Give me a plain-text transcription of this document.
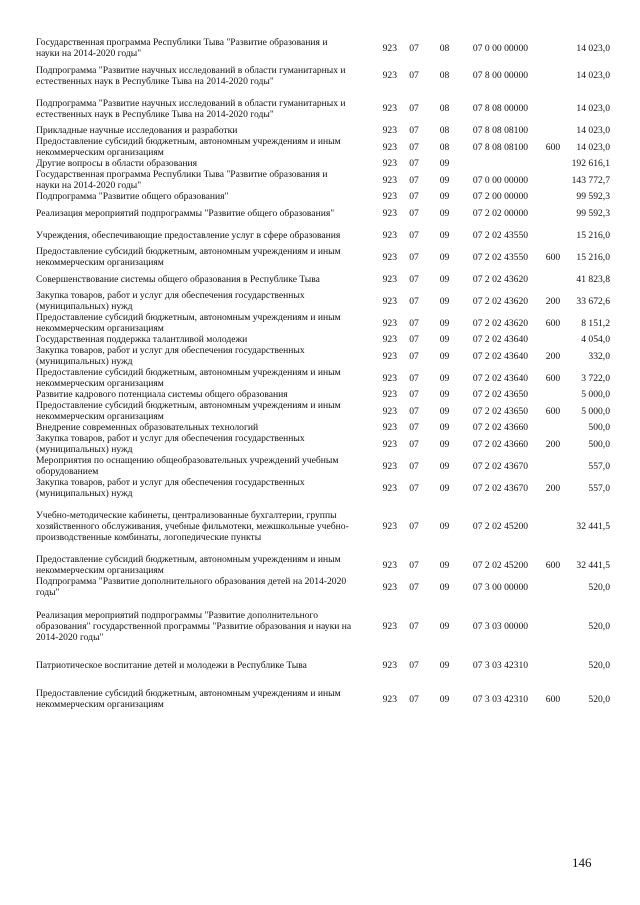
Государственная программа Республики Тыва "Развитие образования и науки на 2014-2020 годы"	923	07	08	07 0 00 00000		14 023,0
Подпрограмма "Развитие научных исследований в области гуманитарных и естественных наук в Республике Тыва на 2014-2020 годы"	923	07	08	07 8 00 00000		14 023,0
Подпрограмма "Развитие научных исследований в области гуманитарных и естественных наук в Республике Тыва на 2014-2020 годы"	923	07	08	07 8 08 00000		14 023,0
Прикладные научные исследования и разработки	923	07	08	07 8 08 08100		14 023,0
Предоставление субсидий бюджетным, автономным учреждениям и иным некоммерческим организациям	923	07	08	07 8 08 08100	600	14 023,0
Другие вопросы в области образования	923	07	09			192 616,1
Государственная программа Республики Тыва "Развитие образования и науки на 2014-2020 годы"	923	07	09	07 0 00 00000		143 772,7
Подпрограмма "Развитие общего образования"	923	07	09	07 2 00 00000		99 592,3
Реализация мероприятий подпрограммы "Развитие общего образования"	923	07	09	07 2 02 00000		99 592,3
Учреждения, обеспечивающие предоставление услуг в сфере образования	923	07	09	07 2 02 43550		15 216,0
Предоставление субсидий бюджетным, автономным учреждениям и иным некоммерческим организациям	923	07	09	07 2 02 43550	600	15 216,0
Совершенствование системы общего образования в Республике Тыва	923	07	09	07 2 02 43620		41 823,8
Закупка товаров, работ и услуг для обеспечения государственных (муниципальных) нужд	923	07	09	07 2 02 43620	200	33 672,6
Предоставление субсидий бюджетным, автономным учреждениям и иным некоммерческим организациям	923	07	09	07 2 02 43620	600	8 151,2
Государственная поддержка талантливой молодежи	923	07	09	07 2 02 43640		4 054,0
Закупка товаров, работ и услуг для обеспечения государственных (муниципальных) нужд	923	07	09	07 2 02 43640	200	332,0
Предоставление субсидий бюджетным, автономным учреждениям и иным некоммерческим организациям	923	07	09	07 2 02 43640	600	3 722,0
Развитие кадрового потенциала системы общего образования	923	07	09	07 2 02 43650		5 000,0
Предоставление субсидий бюджетным, автономным учреждениям и иным некоммерческим организациям	923	07	09	07 2 02 43650	600	5 000,0
Внедрение современных образовательных технологий	923	07	09	07 2 02 43660		500,0
Закупка товаров, работ и услуг для обеспечения государственных (муниципальных) нужд	923	07	09	07 2 02 43660	200	500,0
Мероприятия по оснащению общеобразовательных учреждений учебным оборудованием	923	07	09	07 2 02 43670		557,0
Закупка товаров, работ и услуг для обеспечения государственных (муниципальных) нужд	923	07	09	07 2 02 43670	200	557,0
Учебно-методические кабинеты, централизованные бухгалтерии, группы хозяйственного обслуживания, учебные фильмотеки, межшкольные учебно-производственные комбинаты, логопедические пункты	923	07	09	07 2 02 45200		32 441,5
Предоставление субсидий бюджетным, автономным учреждениям и иным некоммерческим организациям	923	07	09	07 2 02 45200	600	32 441,5
Подпрограмма "Развитие дополнительного образования детей на 2014-2020 годы"	923	07	09	07 3 00 00000		520,0

Реализация мероприятий подпрограммы "Развитие дополнительного образования" государственной программы "Развитие образования и науки на 2014-2020 годы"	923	07	09	07 3 03 00000		520,0

Патриотическое воспитание детей и молодежи в Республике Тыва	923	07	09	07 3 03 42310		520,0

Предоставление субсидий бюджетным, автономным учреждениям и иным некоммерческим организациям	923	07	09	07 3 03 42310	600	520,0
146
